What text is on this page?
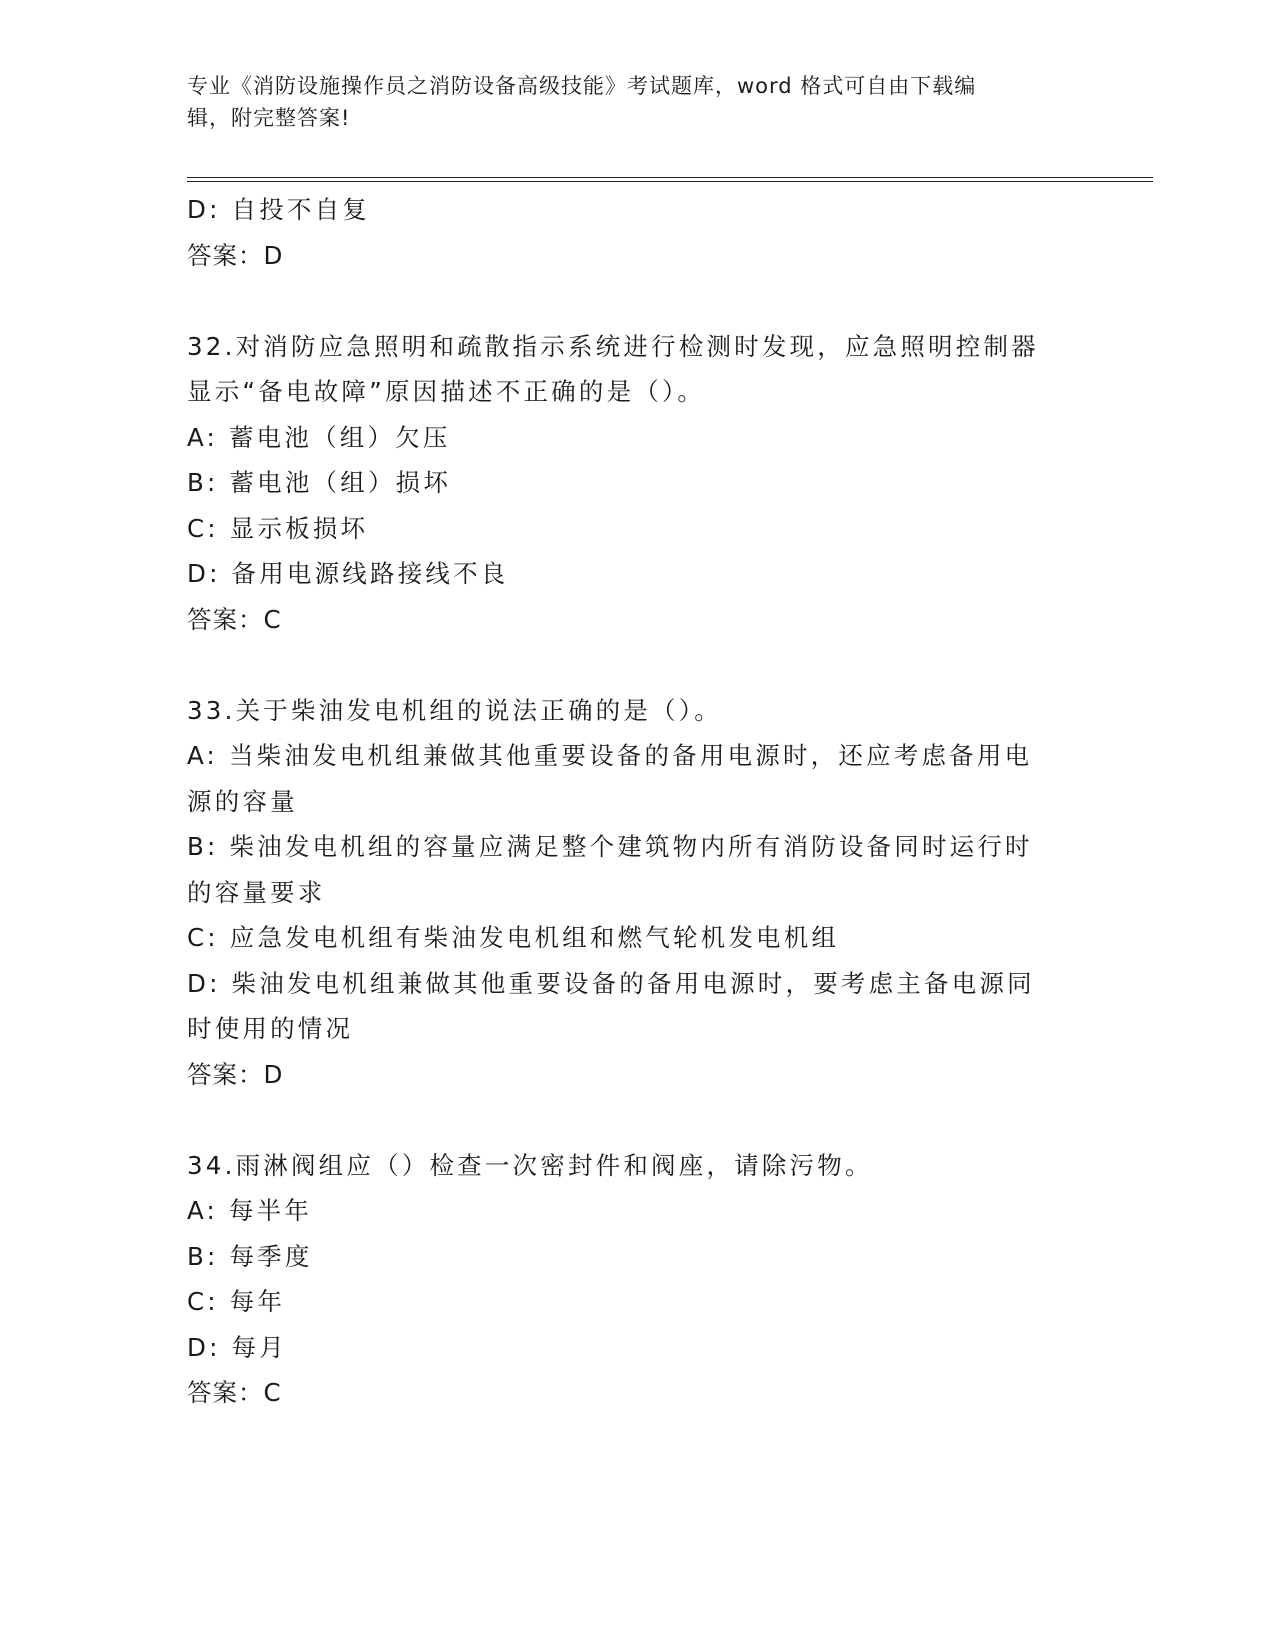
专业《消防设施操作员之消防设备高级技能》考试题库，word 格式可自由下载编
辑，附完整答案!
D: 自投不自复
答案：D
32.对消防应急照明和疏散指示系统进行检测时发现，应急照明控制器
显示“备电故障”原因描述不正确的是（）。
A: 蓄电池（组）欠压
B: 蓄电池（组）损坏
C: 显示板损坏
D: 备用电源线路接线不良
答案：C
33.关于柴油发电机组的说法正确的是（）。
A: 当柴油发电机组兼做其他重要设备的备用电源时，还应考虑备用电
源的容量
B: 柴油发电机组的容量应满足整个建筑物内所有消防设备同时运行时
的容量要求
C: 应急发电机组有柴油发电机组和燃气轮机发电机组
D: 柴油发电机组兼做其他重要设备的备用电源时，要考虑主备电源同
时使用的情况
答案：D
34.雨淋阀组应（）检查一次密封件和阀座，请除污物。
A: 每半年
B: 每季度
C: 每年
D: 每月
答案：C
